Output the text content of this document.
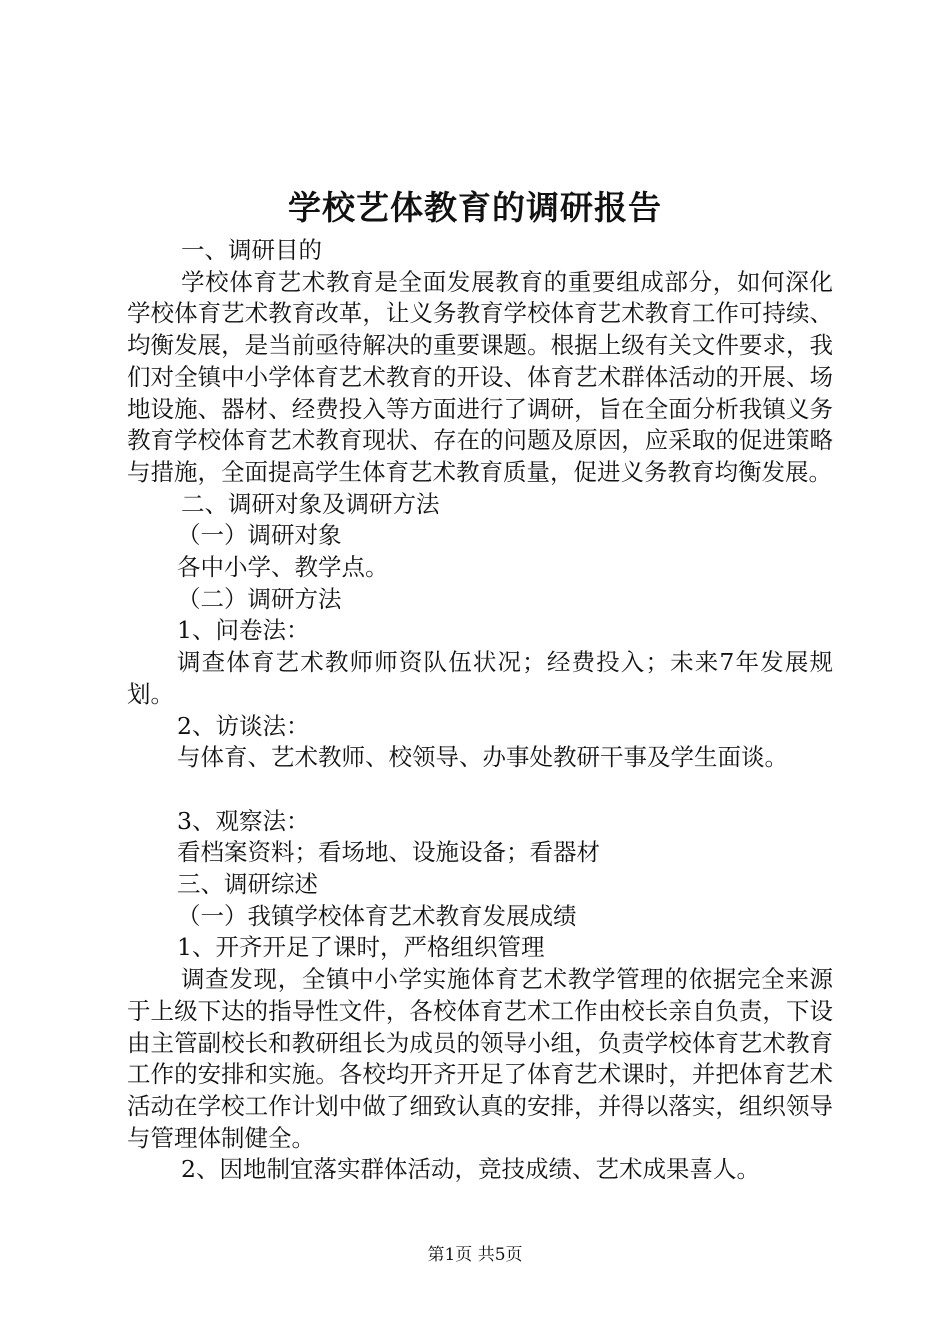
学校艺体教育的调研报告

一、调研目的

学校体育艺术教育是全面发展教育的重要组成部分，如何深化学校体育艺术教育改革，让义务教育学校体育艺术教育工作可持续、均衡发展，是当前亟待解决的重要课题。根据上级有关文件要求，我们对全镇中小学体育艺术教育的开设、体育艺术群体活动的开展、场地设施、器材、经费投入等方面进行了调研，旨在全面分析我镇义务教育学校体育艺术教育现状、存在的问题及原因，应采取的促进策略与措施，全面提高学生体育艺术教育质量，促进义务教育均衡发展。

二、调研对象及调研方法

（一）调研对象

各中小学、教学点。

（二）调研方法

1、问卷法：

调查体育艺术教师师资队伍状况；经费投入；未来7年发展规划。

2、访谈法：

与体育、艺术教师、校领导、办事处教研干事及学生面谈。

3、观察法：

看档案资料；看场地、设施设备；看器材

三、调研综述

（一）我镇学校体育艺术教育发展成绩

1、开齐开足了课时，严格组织管理

调查发现，全镇中小学实施体育艺术教学管理的依据完全来源于上级下达的指导性文件，各校体育艺术工作由校长亲自负责，下设由主管副校长和教研组长为成员的领导小组，负责学校体育艺术教育工作的安排和实施。各校均开齐开足了体育艺术课时，并把体育艺术活动在学校工作计划中做了细致认真的安排，并得以落实，组织领导与管理体制健全。

2、因地制宜落实群体活动，竞技成绩、艺术成果喜人。

第1页 共5页
